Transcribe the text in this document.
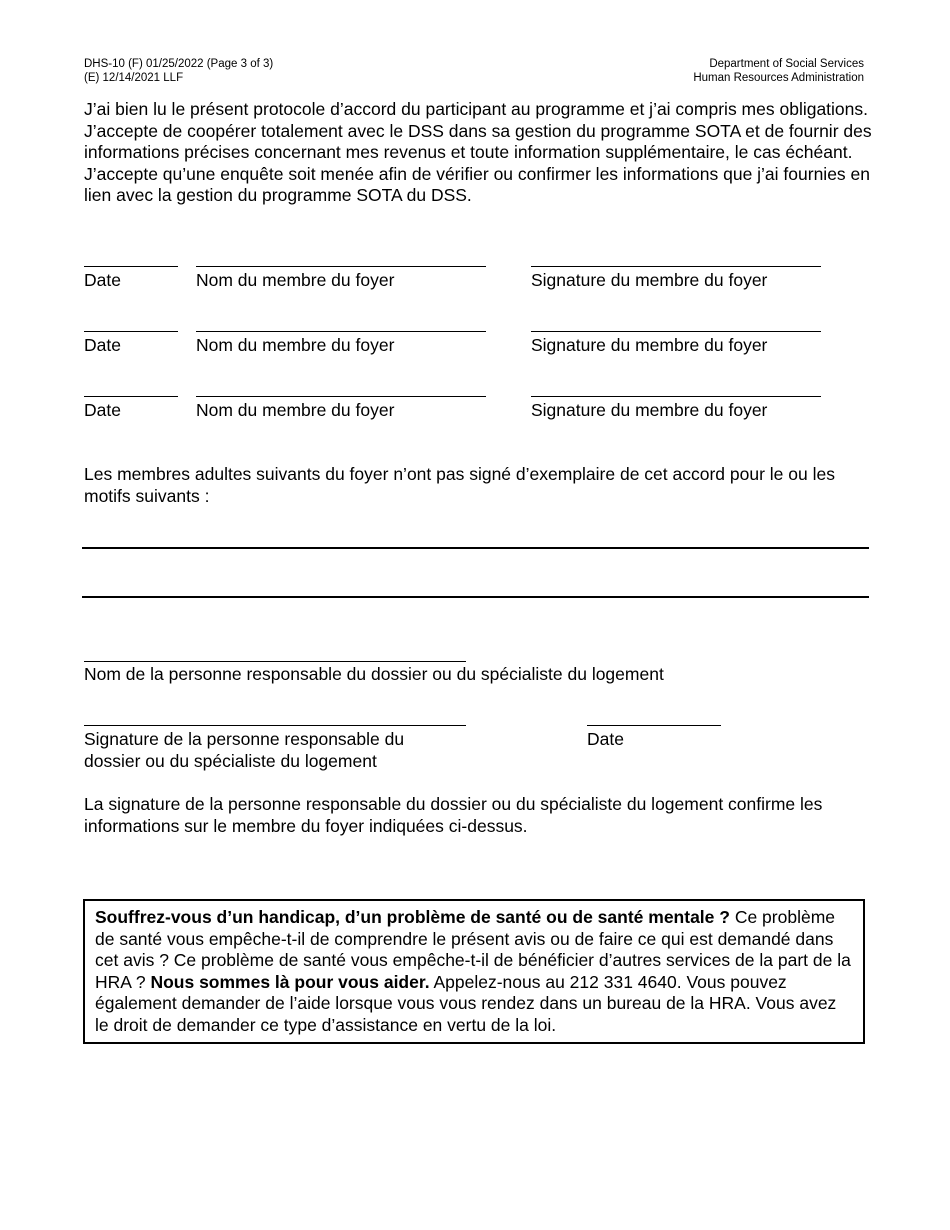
DHS-10 (F) 01/25/2022 (Page 3 of 3)
(E) 12/14/2021 LLF
Department of Social Services
Human Resources Administration
J’ai bien lu le présent protocole d’accord du participant au programme et j’ai compris mes obligations. J’accepte de coopérer totalement avec le DSS dans sa gestion du programme SOTA et de fournir des informations précises concernant mes revenus et toute information supplémentaire, le cas échéant. J’accepte qu’une enquête soit menée afin de vérifier ou confirmer les informations que j’ai fournies en lien avec la gestion du programme SOTA du DSS.
Date	Nom du membre du foyer	Signature du membre du foyer
Date	Nom du membre du foyer	Signature du membre du foyer
Date	Nom du membre du foyer	Signature du membre du foyer
Les membres adultes suivants du foyer n’ont pas signé d’exemplaire de cet accord pour le ou les motifs suivants :
Nom de la personne responsable du dossier ou du spécialiste du logement
Signature de la personne responsable du dossier ou du spécialiste du logement
Date
La signature de la personne responsable du dossier ou du spécialiste du logement confirme les informations sur le membre du foyer indiquées ci-dessus.
Souffrez-vous d’un handicap, d’un problème de santé ou de santé mentale ? Ce problème de santé vous empêche-t-il de comprendre le présent avis ou de faire ce qui est demandé dans cet avis ? Ce problème de santé vous empêche-t-il de bénéficier d’autres services de la part de la HRA ? Nous sommes là pour vous aider. Appelez-nous au 212 331 4640. Vous pouvez également demander de l’aide lorsque vous vous rendez dans un bureau de la HRA. Vous avez le droit de demander ce type d’assistance en vertu de la loi.
